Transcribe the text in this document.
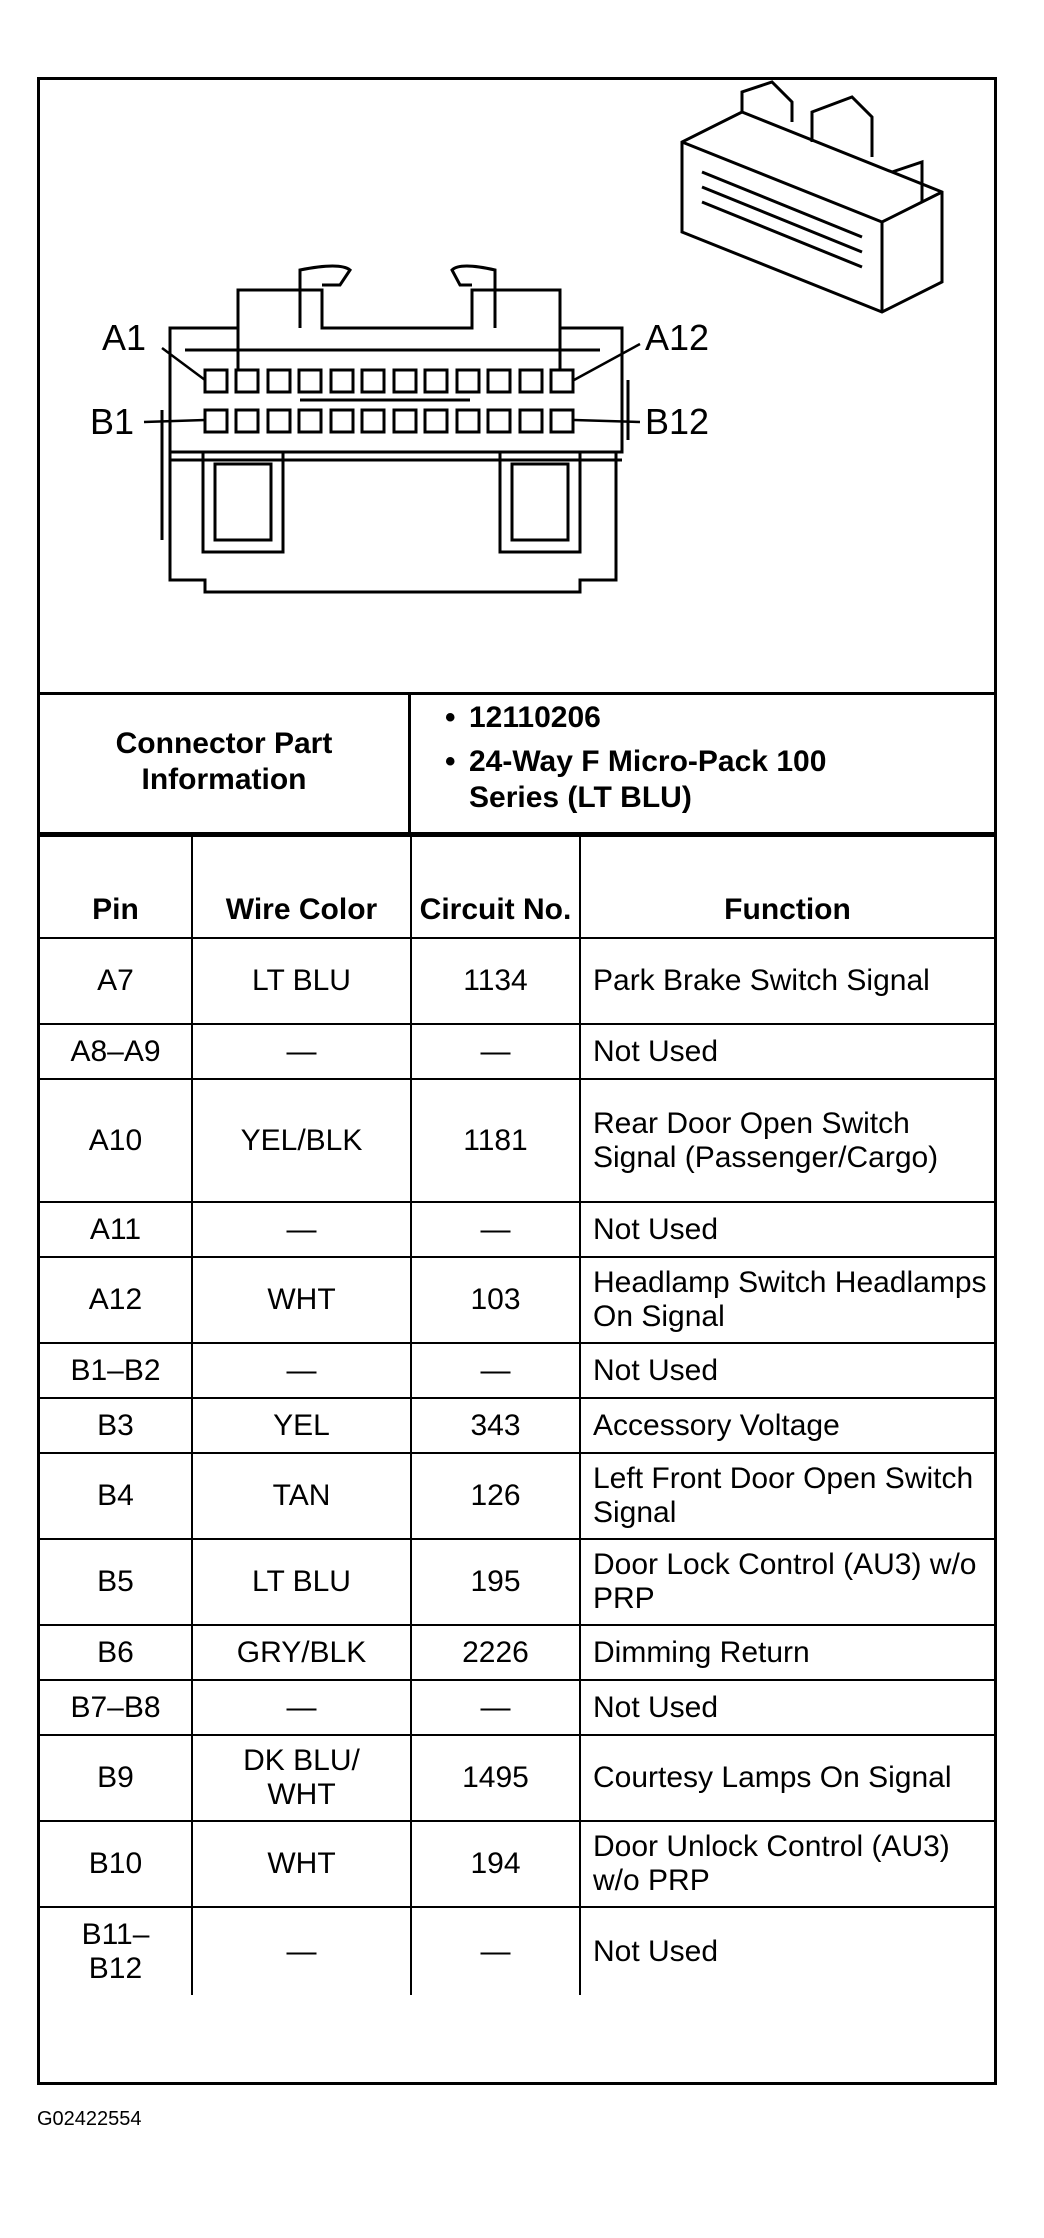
A1
B1
A12
B12
Connector Part Information
• 12110206
• 24-Way F Micro-Pack 100 Series (LT BLU)
Pin	Wire Color	Circuit No.	Function
A7	LT BLU	1134	Park Brake Switch Signal
A8–A9	—	—	Not Used
A10	YEL/BLK	1181	Rear Door Open Switch Signal (Passenger/Cargo)
A11	—	—	Not Used
A12	WHT	103	Headlamp Switch Headlamps On Signal
B1–B2	—	—	Not Used
B3	YEL	343	Accessory Voltage
B4	TAN	126	Left Front Door Open Switch Signal
B5	LT BLU	195	Door Lock Control (AU3) w/o PRP
B6	GRY/BLK	2226	Dimming Return
B7–B8	—	—	Not Used
B9	DK BLU/ WHT	1495	Courtesy Lamps On Signal
B10	WHT	194	Door Unlock Control (AU3) w/o PRP
B11– B12	—	—	Not Used
G02422554
